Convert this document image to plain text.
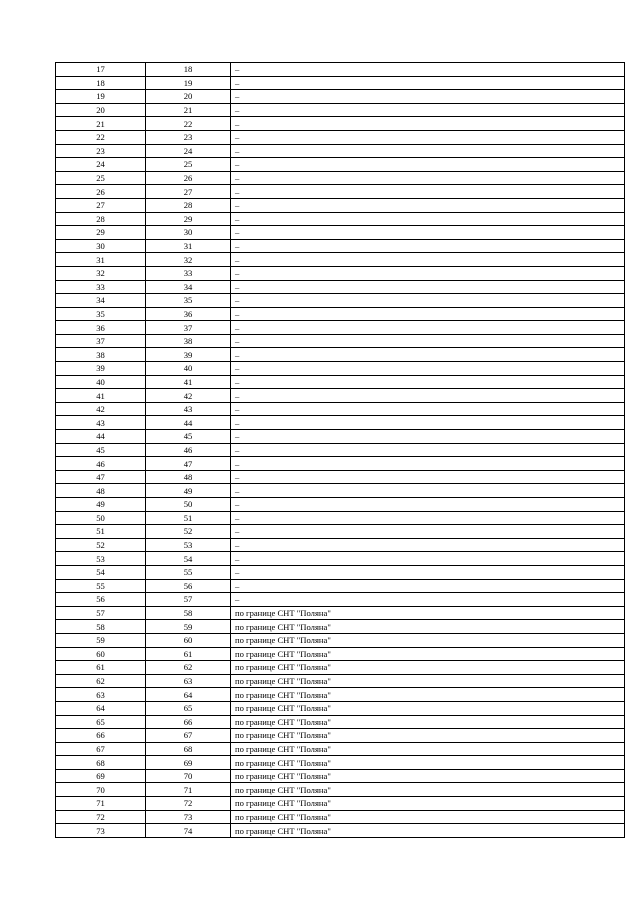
17	18	–
18	19	–
19	20	–
20	21	–
21	22	–
22	23	–
23	24	–
24	25	–
25	26	–
26	27	–
27	28	–
28	29	–
29	30	–
30	31	–
31	32	–
32	33	–
33	34	–
34	35	–
35	36	–
36	37	–
37	38	–
38	39	–
39	40	–
40	41	–
41	42	–
42	43	–
43	44	–
44	45	–
45	46	–
46	47	–
47	48	–
48	49	–
49	50	–
50	51	–
51	52	–
52	53	–
53	54	–
54	55	–
55	56	–
56	57	–
57	58	по границе СНТ "Поляна"
58	59	по границе СНТ "Поляна"
59	60	по границе СНТ "Поляна"
60	61	по границе СНТ "Поляна"
61	62	по границе СНТ "Поляна"
62	63	по границе СНТ "Поляна"
63	64	по границе СНТ "Поляна"
64	65	по границе СНТ "Поляна"
65	66	по границе СНТ "Поляна"
66	67	по границе СНТ "Поляна"
67	68	по границе СНТ "Поляна"
68	69	по границе СНТ "Поляна"
69	70	по границе СНТ "Поляна"
70	71	по границе СНТ "Поляна"
71	72	по границе СНТ "Поляна"
72	73	по границе СНТ "Поляна"
73	74	по границе СНТ "Поляна"
